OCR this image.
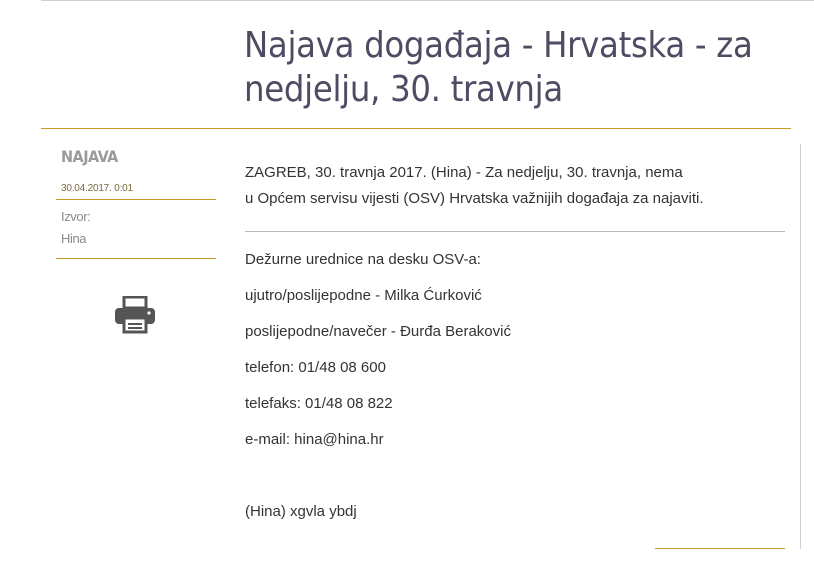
Najava događaja - Hrvatska - za nedjelju, 30. travnja
NAJAVA
30.04.2017. 0:01
Izvor:
Hina

ZAGREB, 30. travnja 2017. (Hina) - Za nedjelju, 30. travnja, nema

u Općem servisu vijesti (OSV) Hrvatska važnijih događaja za najaviti.

Dežurne urednice na desku OSV-a:
ujutro/poslijepodne - Milka Ćurković
poslijepodne/navečer - Đurđa Beraković
telefon: 01/48 08 600
telefaks: 01/48 08 822
e-mail: hina@hina.hr
(Hina) xgvla ybdj
